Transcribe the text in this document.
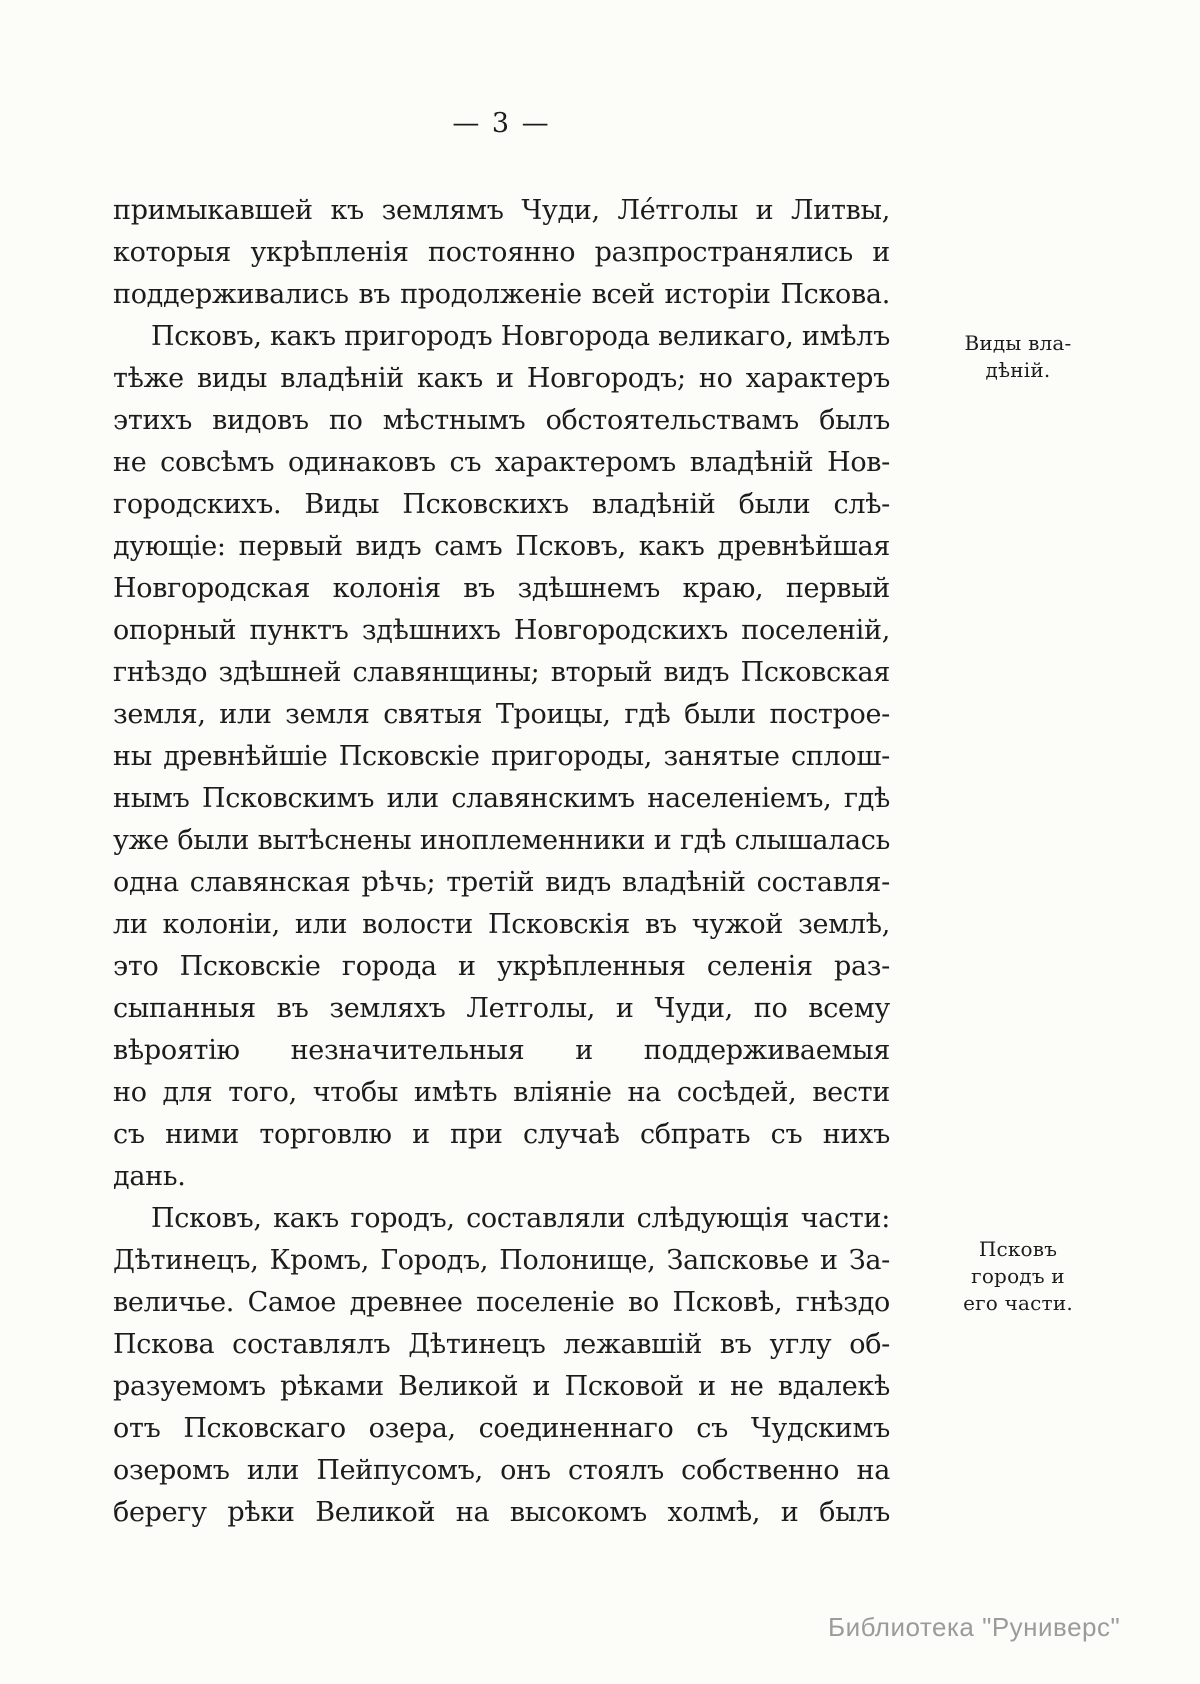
— 3 —
примыкавшей къ землямъ Чуди, Ле́тголы и Литвы,
которыя укрѣпленія постоянно разпространялись и
поддерживались въ продолженіе всей исторіи Пскова.
Псковъ, какъ пригородъ Новгорода великаго, имѣлъ
тѣже виды владѣній какъ и Новгородъ; но характеръ
этихъ видовъ по мѣстнымъ обстоятельствамъ былъ
не совсѣмъ одинаковъ съ характеромъ владѣній Нов-
городскихъ. Виды Псковскихъ владѣній были слѣ-
дующіе: первый видъ самъ Псковъ, какъ древнѣйшая
Новгородская колонія въ здѣшнемъ краю, первый
опорный пунктъ здѣшнихъ Новгородскихъ поселеній,
гнѣздо здѣшней славянщины; вторый видъ Псковская
земля, или земля святыя Троицы, гдѣ были построе-
ны древнѣйшіе Псковскіе пригороды, занятые сплош-
нымъ Псковскимъ или славянскимъ населеніемъ, гдѣ
уже были вытѣснены иноплеменники и гдѣ слышалась
одна славянская рѣчь; третій видъ владѣній составля-
ли колоніи, или волости Псковскія въ чужой землѣ,
это Псковскіе города и укрѣпленныя селенія раз-
сыпанныя въ земляхъ Летголы, и Чуди, по всему
вѣроятію незначительныя и поддерживаемыя
но для того, чтобы имѣть вліяніе на сосѣдей, вести
съ ними торговлю и при случаѣ сбпрать съ нихъ
дань.
Псковъ, какъ городъ, составляли слѣдующія части:
Дѣтинецъ, Кромъ, Городъ, Полонище, Запсковье и За-
величье. Самое древнее поселеніе во Псковѣ, гнѣздо
Пскова составлялъ Дѣтинецъ лежавшій въ углу об-
разуемомъ рѣками Великой и Псковой и не вдалекѣ
отъ Псковскаго озера, соединеннаго съ Чудскимъ
озеромъ или Пейпусомъ, онъ стоялъ собственно на
берегу рѣки Великой на высокомъ холмѣ, и былъ
Виды вла-
дѣній.
Псковъ
городъ и
его части.
Библиотека "Руниверс"
